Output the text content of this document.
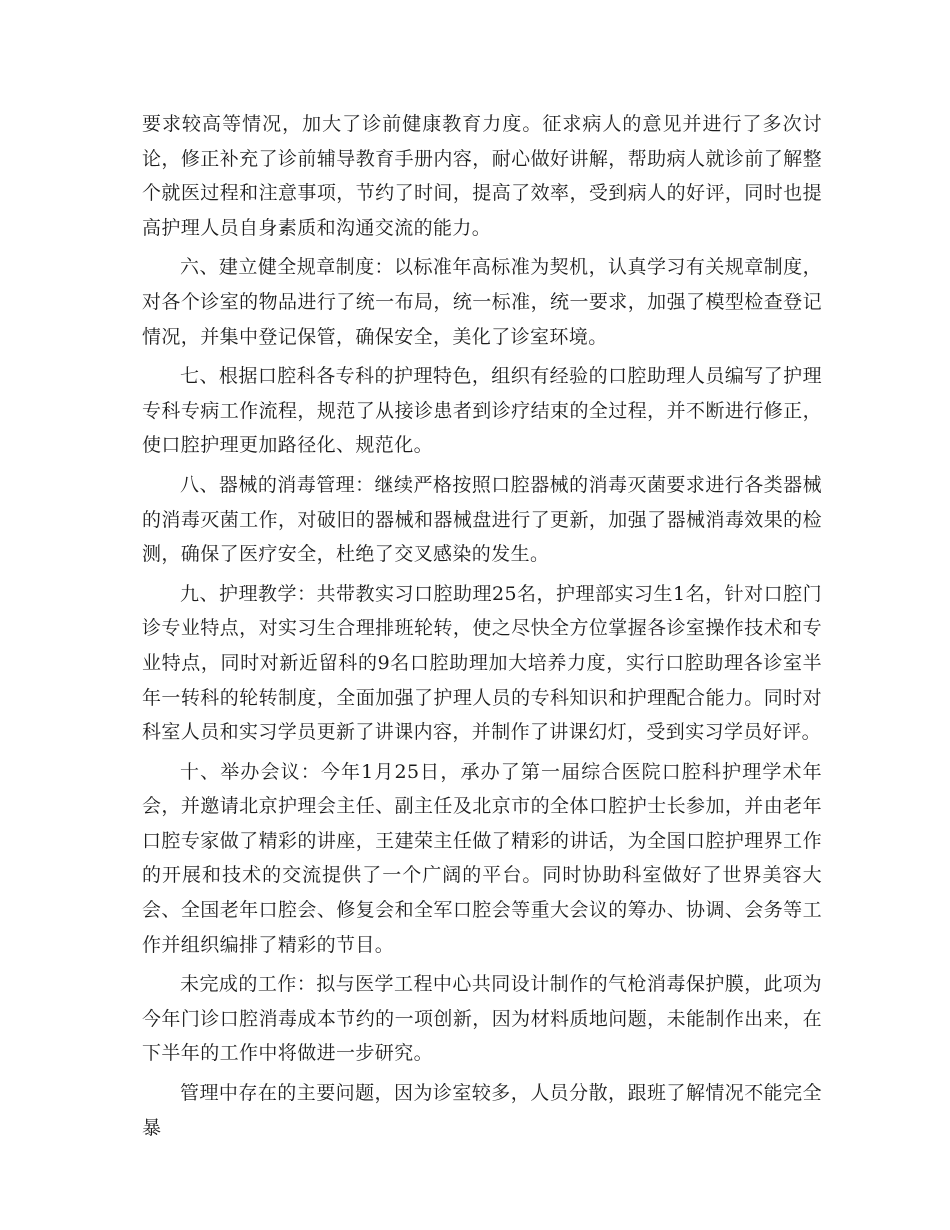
要求较高等情况，加大了诊前健康教育力度。征求病人的意见并进行了多次讨论，修正补充了诊前辅导教育手册内容，耐心做好讲解，帮助病人就诊前了解整个就医过程和注意事项，节约了时间，提高了效率，受到病人的好评，同时也提高护理人员自身素质和沟通交流的能力。

六、建立健全规章制度：以标准年高标准为契机，认真学习有关规章制度，对各个诊室的物品进行了统一布局，统一标准，统一要求，加强了模型检查登记情况，并集中登记保管，确保安全，美化了诊室环境。

七、根据口腔科各专科的护理特色，组织有经验的口腔助理人员编写了护理专科专病工作流程，规范了从接诊患者到诊疗结束的全过程，并不断进行修正，使口腔护理更加路径化、规范化。

八、器械的消毒管理：继续严格按照口腔器械的消毒灭菌要求进行各类器械的消毒灭菌工作，对破旧的器械和器械盘进行了更新，加强了器械消毒效果的检测，确保了医疗安全，杜绝了交叉感染的发生。

九、护理教学：共带教实习口腔助理25名，护理部实习生1名，针对口腔门诊专业特点，对实习生合理排班轮转，使之尽快全方位掌握各诊室操作技术和专业特点，同时对新近留科的9名口腔助理加大培养力度，实行口腔助理各诊室半年一转科的轮转制度，全面加强了护理人员的专科知识和护理配合能力。同时对科室人员和实习学员更新了讲课内容，并制作了讲课幻灯，受到实习学员好评。

十、举办会议：今年1月25日，承办了第一届综合医院口腔科护理学术年会，并邀请北京护理会主任、副主任及北京市的全体口腔护士长参加，并由老年口腔专家做了精彩的讲座，王建荣主任做了精彩的讲话，为全国口腔护理界工作的开展和技术的交流提供了一个广阔的平台。同时协助科室做好了世界美容大会、全国老年口腔会、修复会和全军口腔会等重大会议的筹办、协调、会务等工作并组织编排了精彩的节目。

未完成的工作：拟与医学工程中心共同设计制作的气枪消毒保护膜，此项为今年门诊口腔消毒成本节约的一项创新，因为材料质地问题，未能制作出来，在下半年的工作中将做进一步研究。

管理中存在的主要问题，因为诊室较多，人员分散，跟班了解情况不能完全暴
